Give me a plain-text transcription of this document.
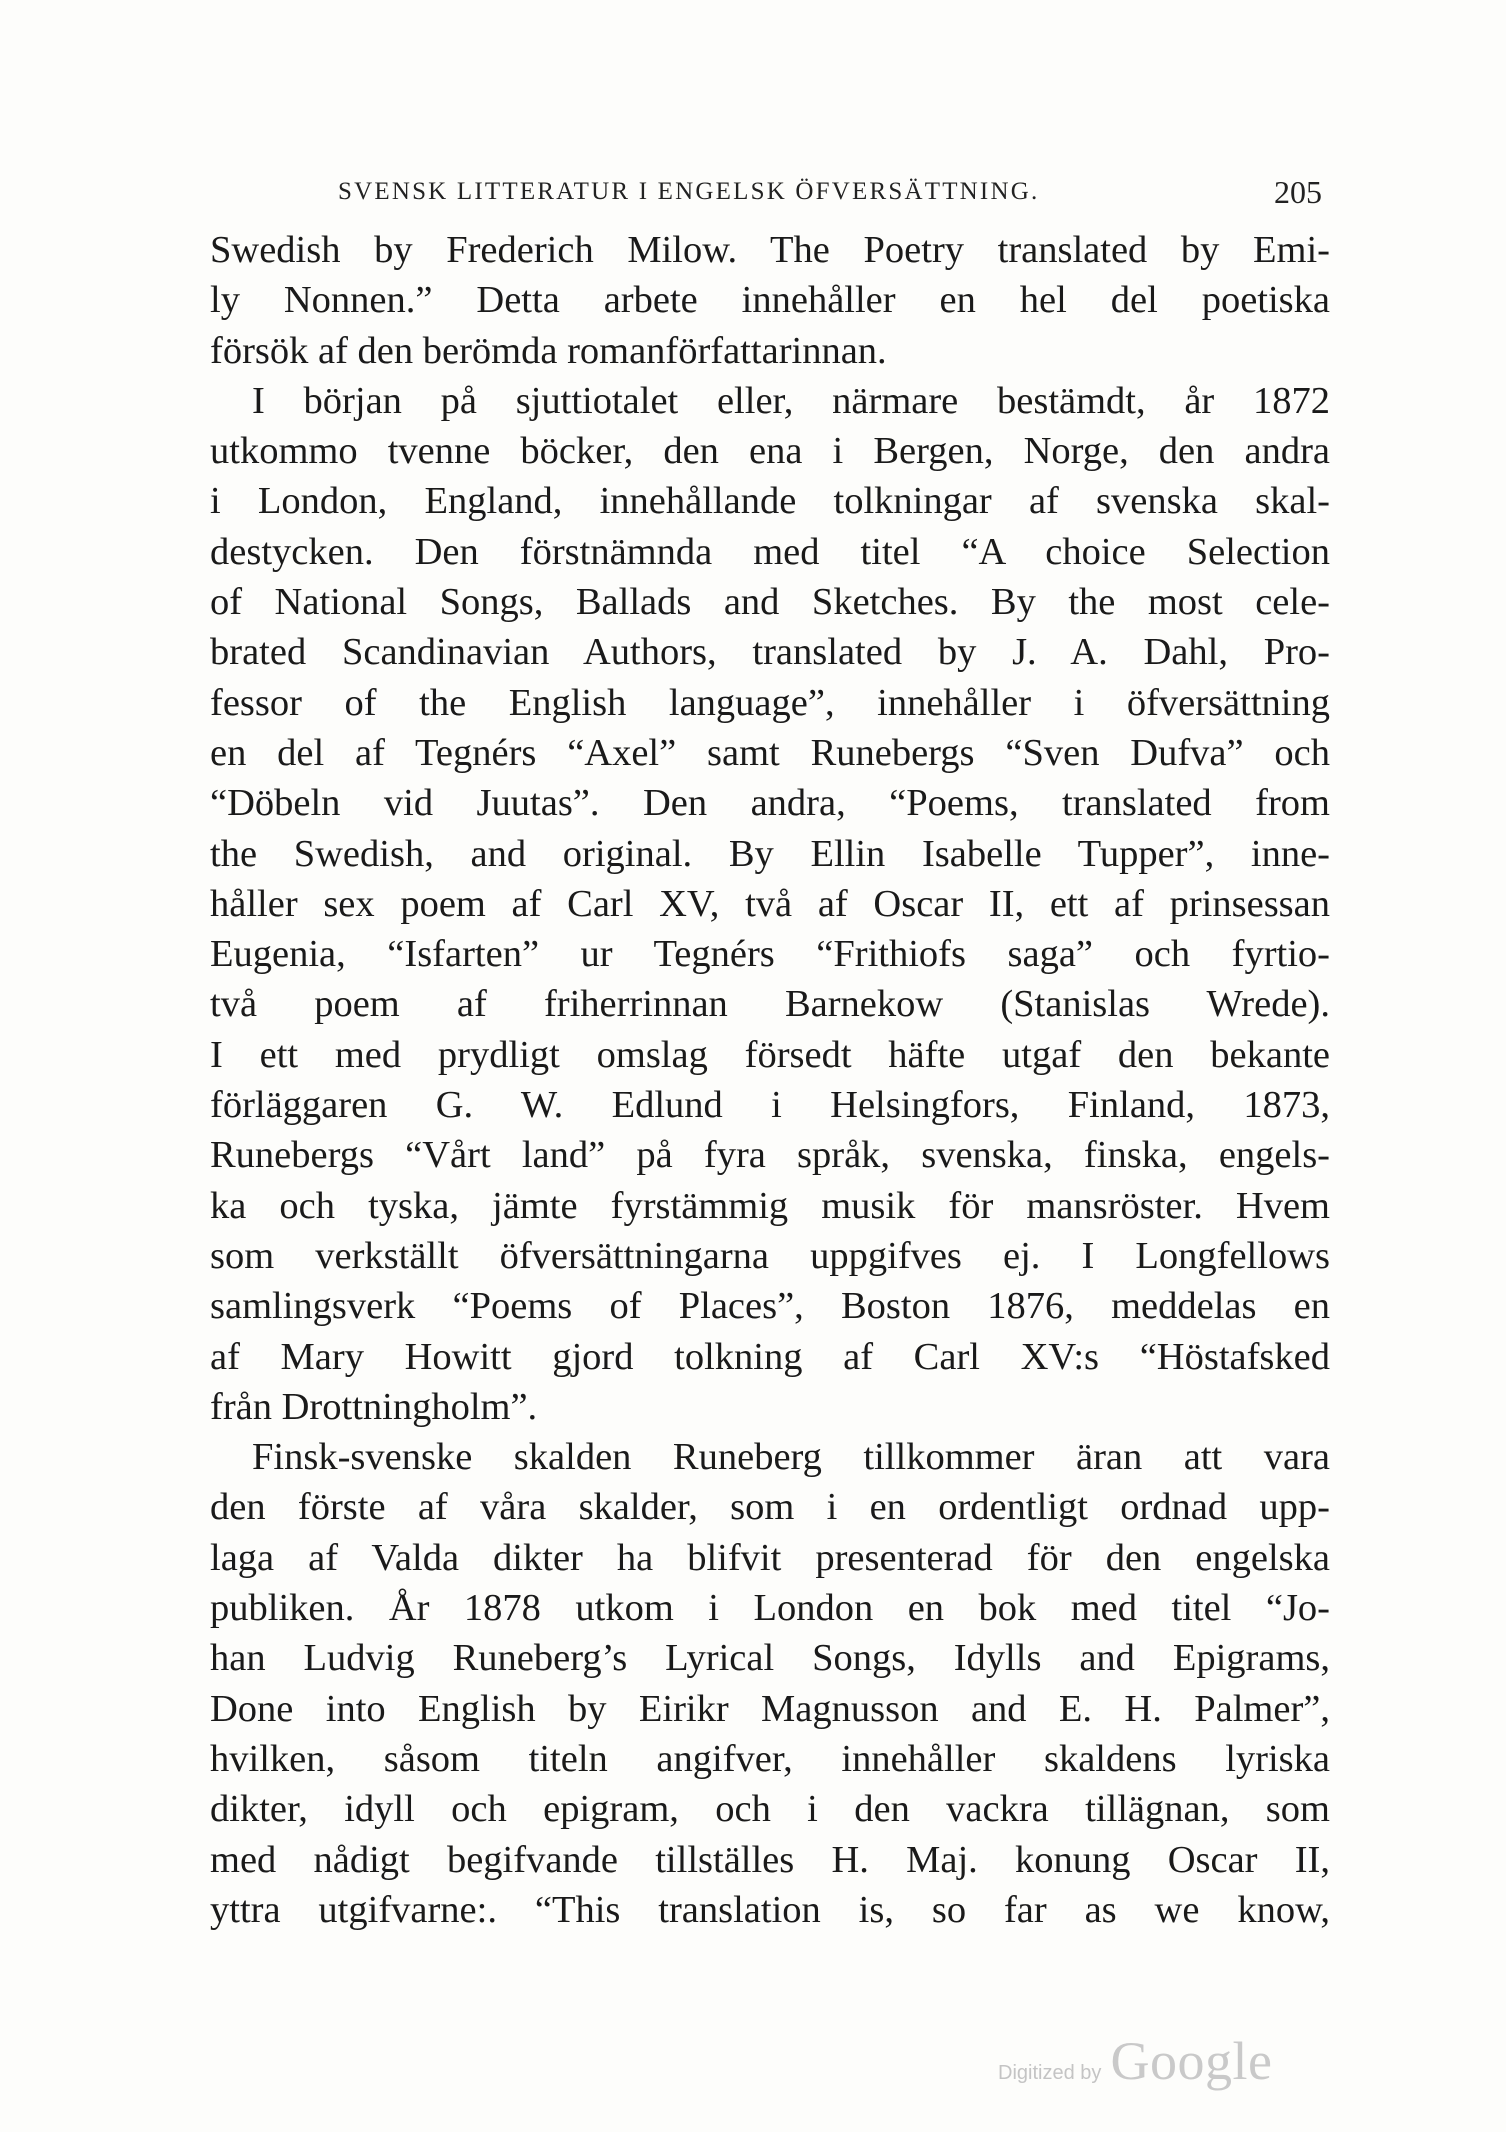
SVENSK LITTERATUR I ENGELSK ÖFVERSÄTTNING.	205
Swedish by Frederich Milow. The Poetry translated by Emi-
ly Nonnen.” Detta arbete innehåller en hel del poetiska
försök af den berömda romanförfattarinnan.
I början på sjuttiotalet eller, närmare bestämdt, år 1872
utkommo tvenne böcker, den ena i Bergen, Norge, den andra
i London, England, innehållande tolkningar af svenska skal-
destycken. Den förstnämnda med titel “A choice Selection
of National Songs, Ballads and Sketches. By the most cele-
brated Scandinavian Authors, translated by J. A. Dahl, Pro-
fessor of the English language”, innehåller i öfversättning
en del af Tegnérs “Axel” samt Runebergs “Sven Dufva” och
“Döbeln vid Juutas”. Den andra, “Poems, translated from
the Swedish, and original. By Ellin Isabelle Tupper”, inne-
håller sex poem af Carl XV, två af Oscar II, ett af prinsessan
Eugenia, “Isfarten” ur Tegnérs “Frithiofs saga” och fyrtio-
två poem af friherrinnan Barnekow (Stanislas Wrede).
I ett med prydligt omslag försedt häfte utgaf den bekante
förläggaren G. W. Edlund i Helsingfors, Finland, 1873,
Runebergs “Vårt land” på fyra språk, svenska, finska, engels-
ka och tyska, jämte fyrstämmig musik för mansröster. Hvem
som verkställt öfversättningarna uppgifves ej. I Longfellows
samlingsverk “Poems of Places”, Boston 1876, meddelas en
af Mary Howitt gjord tolkning af Carl XV:s “Höstafsked
från Drottningholm”.
Finsk-svenske skalden Runeberg tillkommer äran att vara
den förste af våra skalder, som i en ordentligt ordnad upp-
laga af Valda dikter ha blifvit presenterad för den engelska
publiken. År 1878 utkom i London en bok med titel “Jo-
han Ludvig Runeberg’s Lyrical Songs, Idylls and Epigrams,
Done into English by Eirikr Magnusson and E. H. Palmer”,
hvilken, såsom titeln angifver, innehåller skaldens lyriska
dikter, idyll och epigram, och i den vackra tillägnan, som
med nådigt begifvande tillställes H. Maj. konung Oscar II,
yttra utgifvarne:. “This translation is, so far as we know,
Digitized by Google
